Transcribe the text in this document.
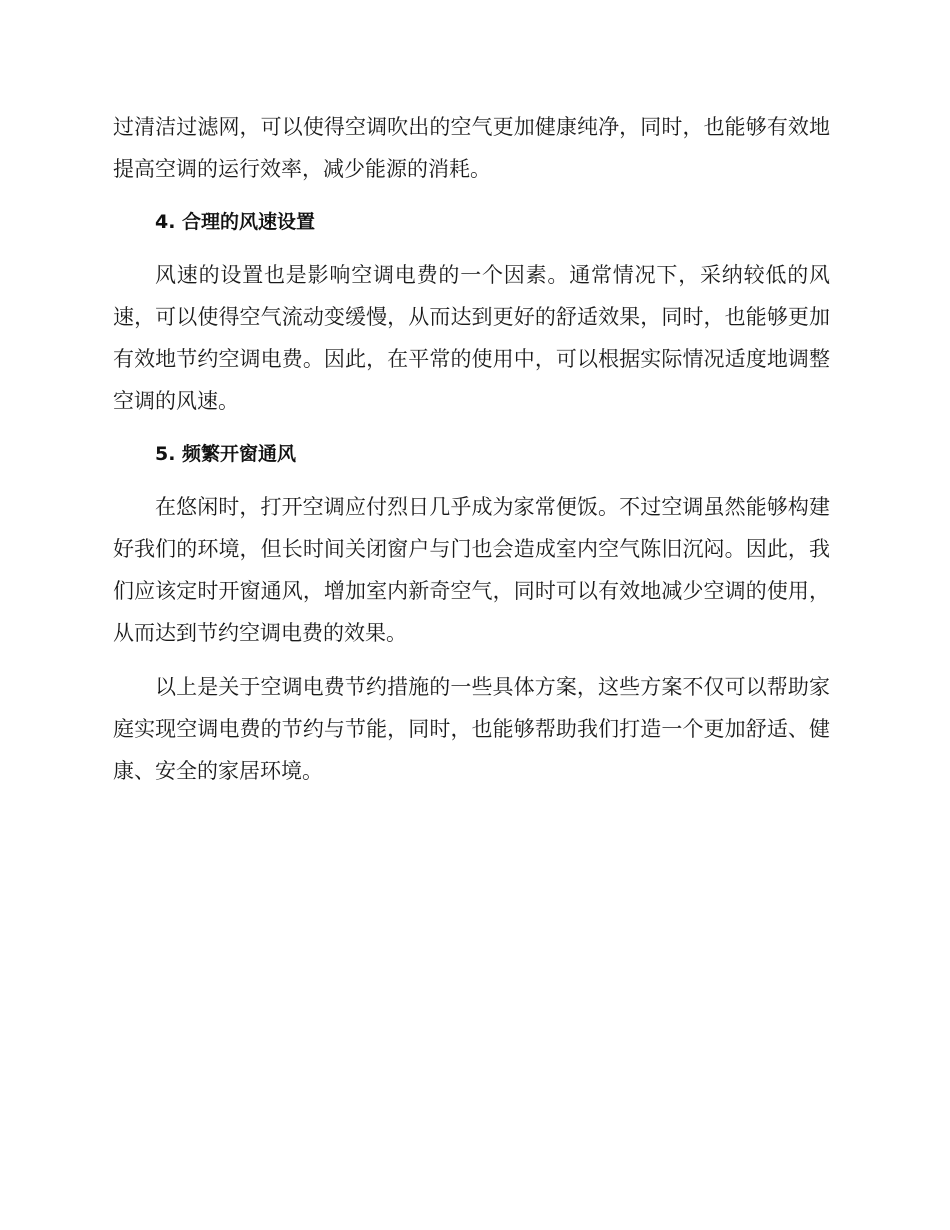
过清洁过滤网，可以使得空调吹出的空气更加健康纯净，同时，也能够有效地提高空调的运行效率，减少能源的消耗。

4. 合理的风速设置

风速的设置也是影响空调电费的一个因素。通常情况下，采纳较低的风速，可以使得空气流动变缓慢，从而达到更好的舒适效果，同时，也能够更加有效地节约空调电费。因此，在平常的使用中，可以根据实际情况适度地调整空调的风速。

5. 频繁开窗通风

在悠闲时，打开空调应付烈日几乎成为家常便饭。不过空调虽然能够构建好我们的环境，但长时间关闭窗户与门也会造成室内空气陈旧沉闷。因此，我们应该定时开窗通风，增加室内新奇空气，同时可以有效地减少空调的使用，从而达到节约空调电费的效果。

以上是关于空调电费节约措施的一些具体方案，这些方案不仅可以帮助家庭实现空调电费的节约与节能，同时，也能够帮助我们打造一个更加舒适、健康、安全的家居环境。
